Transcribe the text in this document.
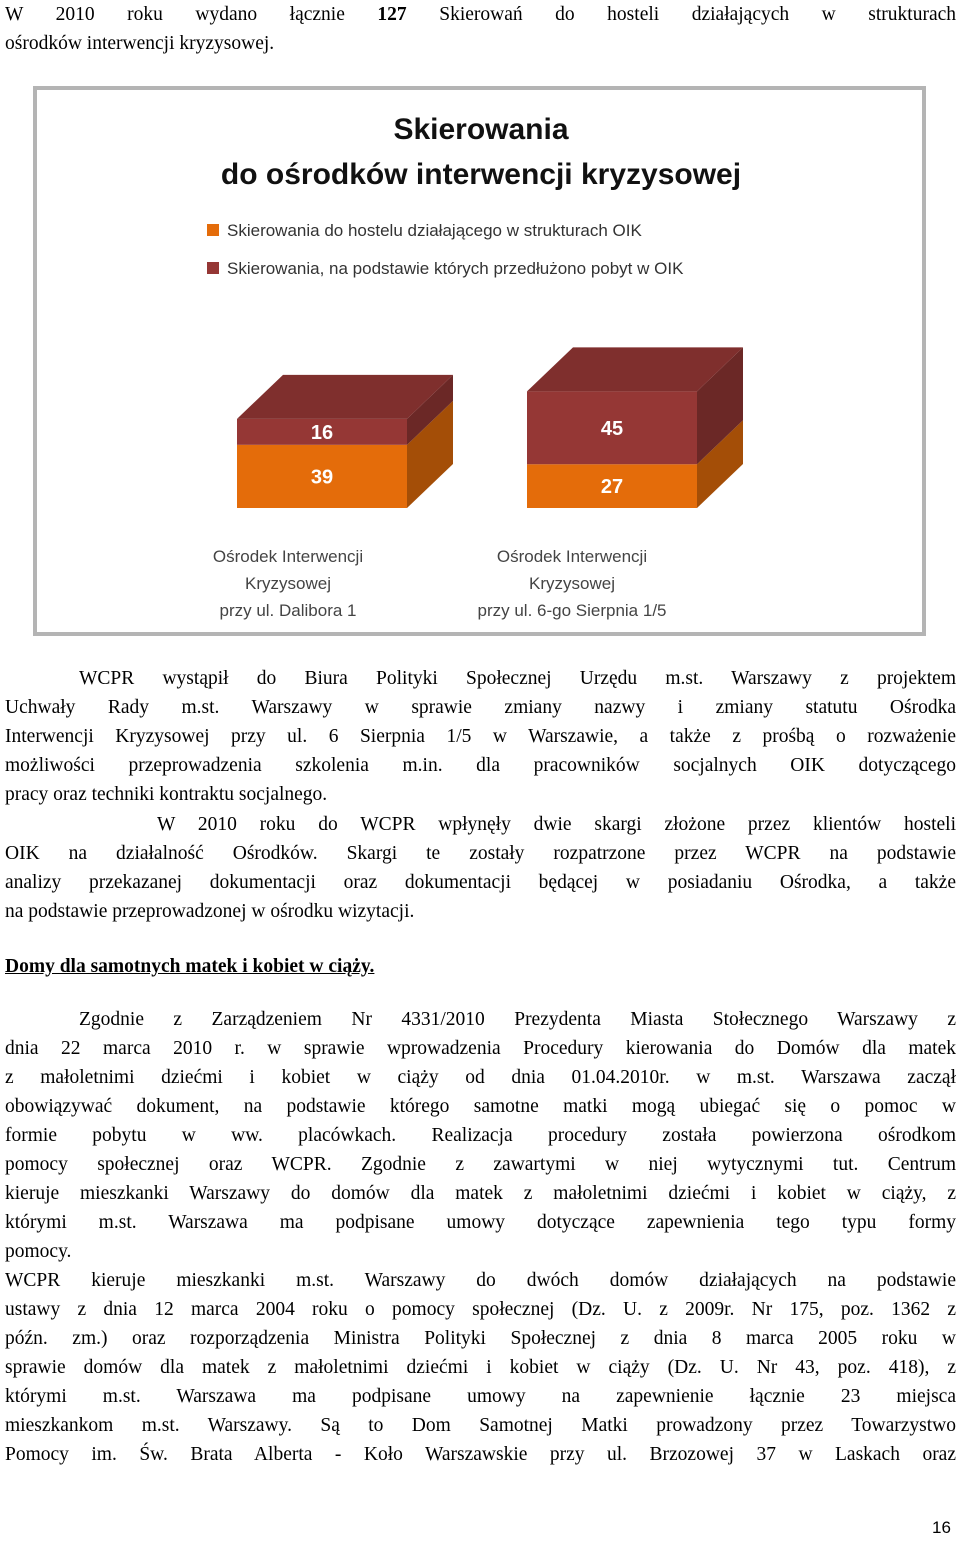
W 2010 roku wydano łącznie 127 Skierowań do hosteli działających w strukturach

ośrodków interwencji kryzysowej.

Skierowania
do ośrodków interwencji kryzysowej
Skierowania do hostelu działającego w strukturach OIK
Skierowania, na podstawie których przedłużono pobyt w OIK
39
16
27
45
Ośrodek Interwencji
Kryzysowej
przy ul. Dalibora 1
Ośrodek Interwencji
Kryzysowej
przy ul. 6-go Sierpnia 1/5

WCPR wystąpił do Biura Polityki Społecznej Urzędu m.st. Warszawy z projektem

Uchwały Rady m.st. Warszawy w sprawie zmiany nazwy i zmiany statutu Ośrodka

Interwencji Kryzysowej przy ul. 6 Sierpnia 1/5 w Warszawie, a także z prośbą o rozważenie

możliwości przeprowadzenia szkolenia m.in. dla pracowników socjalnych OIK dotyczącego

pracy oraz techniki kontraktu socjalnego.

W 2010 roku do WCPR wpłynęły dwie skargi złożone przez klientów hosteli

OIK na działalność Ośrodków. Skargi te zostały rozpatrzone przez WCPR na podstawie

analizy przekazanej dokumentacji oraz dokumentacji będącej w posiadaniu Ośrodka, a także

na podstawie przeprowadzonej w ośrodku wizytacji.

Domy dla samotnych matek i kobiet w ciąży.

Zgodnie z Zarządzeniem Nr 4331/2010 Prezydenta Miasta Stołecznego Warszawy z

dnia 22 marca 2010 r. w sprawie wprowadzenia Procedury kierowania do Domów dla matek

z małoletnimi dziećmi i kobiet w ciąży od dnia 01.04.2010r. w m.st. Warszawa zaczął

obowiązywać dokument, na podstawie którego samotne matki mogą ubiegać się o pomoc w

formie pobytu w ww. placówkach. Realizacja procedury została powierzona ośrodkom

pomocy społecznej oraz WCPR. Zgodnie z zawartymi w niej wytycznymi tut. Centrum

kieruje mieszkanki Warszawy do domów dla matek z małoletnimi dziećmi i kobiet w ciąży, z

którymi m.st. Warszawa ma podpisane umowy dotyczące zapewnienia tego typu formy

pomocy.

WCPR kieruje mieszkanki m.st. Warszawy do dwóch domów działających na podstawie

ustawy z dnia 12 marca 2004 roku o pomocy społecznej (Dz. U. z 2009r. Nr 175, poz. 1362 z

późn. zm.) oraz rozporządzenia Ministra Polityki Społecznej z dnia 8 marca 2005 roku w

sprawie domów dla matek z małoletnimi dziećmi i kobiet w ciąży (Dz. U. Nr 43, poz. 418), z

którymi m.st. Warszawa ma podpisane umowy na zapewnienie łącznie 23 miejsca

mieszkankom m.st. Warszawy. Są to Dom Samotnej Matki prowadzony przez Towarzystwo

Pomocy im. Św. Brata Alberta - Koło Warszawskie przy ul. Brzozowej 37 w Laskach oraz

16
